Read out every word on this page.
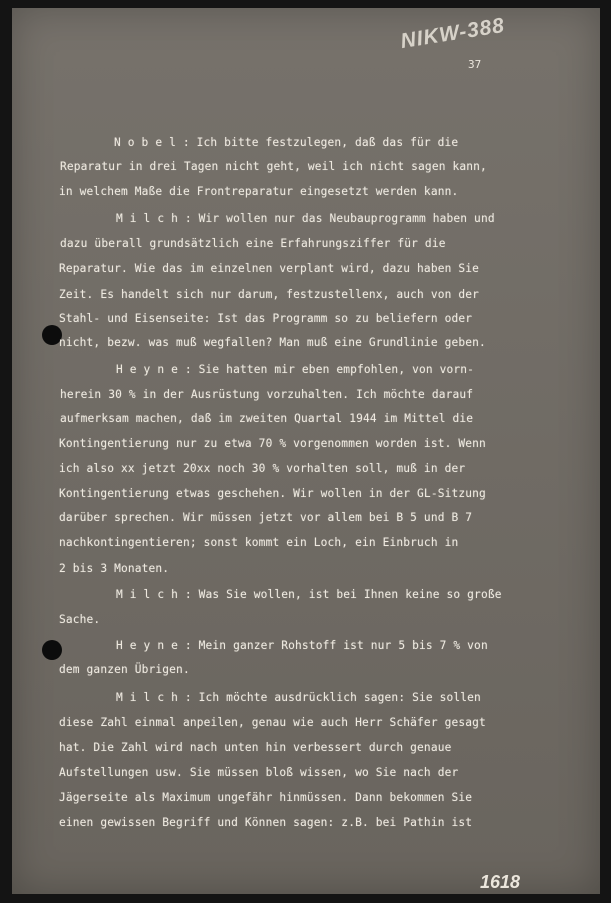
NIKW-388
37
N o b e l : Ich bitte festzulegen, daß das für die
Reparatur in drei Tagen nicht geht, weil ich nicht sagen kann,
in welchem Maße die Frontreparatur eingesetzt werden kann.
M i l c h : Wir wollen nur das Neubauprogramm haben und
dazu überall grundsätzlich eine Erfahrungsziffer für die
Reparatur. Wie das im einzelnen verplant wird, dazu haben Sie
Zeit. Es handelt sich nur darum, festzustellenx, auch von der
Stahl- und Eisenseite: Ist das Programm so zu beliefern oder
nicht, bezw. was muß wegfallen? Man muß eine Grundlinie geben.
H e y n e : Sie hatten mir eben empfohlen, von vorn-
herein 30 % in der Ausrüstung vorzuhalten. Ich möchte darauf
aufmerksam machen, daß im zweiten Quartal 1944 im Mittel die
Kontingentierung nur zu etwa 70 % vorgenommen worden ist. Wenn
ich also xx jetzt 20xx noch 30 % vorhalten soll, muß in der
Kontingentierung etwas geschehen. Wir wollen in der GL-Sitzung
darüber sprechen. Wir müssen jetzt vor allem bei B 5 und B 7
nachkontingentieren; sonst kommt ein Loch, ein Einbruch in
2 bis 3 Monaten.
M i l c h : Was Sie wollen, ist bei Ihnen keine so große
Sache.
H e y n e : Mein ganzer Rohstoff ist nur 5 bis 7 % von
dem ganzen Übrigen.
M i l c h : Ich möchte ausdrücklich sagen: Sie sollen
diese Zahl einmal anpeilen, genau wie auch Herr Schäfer gesagt
hat. Die Zahl wird nach unten hin verbessert durch genaue
Aufstellungen usw. Sie müssen bloß wissen, wo Sie nach der
Jägerseite als Maximum ungefähr hinmüssen. Dann bekommen Sie
einen gewissen Begriff und Können sagen: z.B. bei Pathin ist
1618
